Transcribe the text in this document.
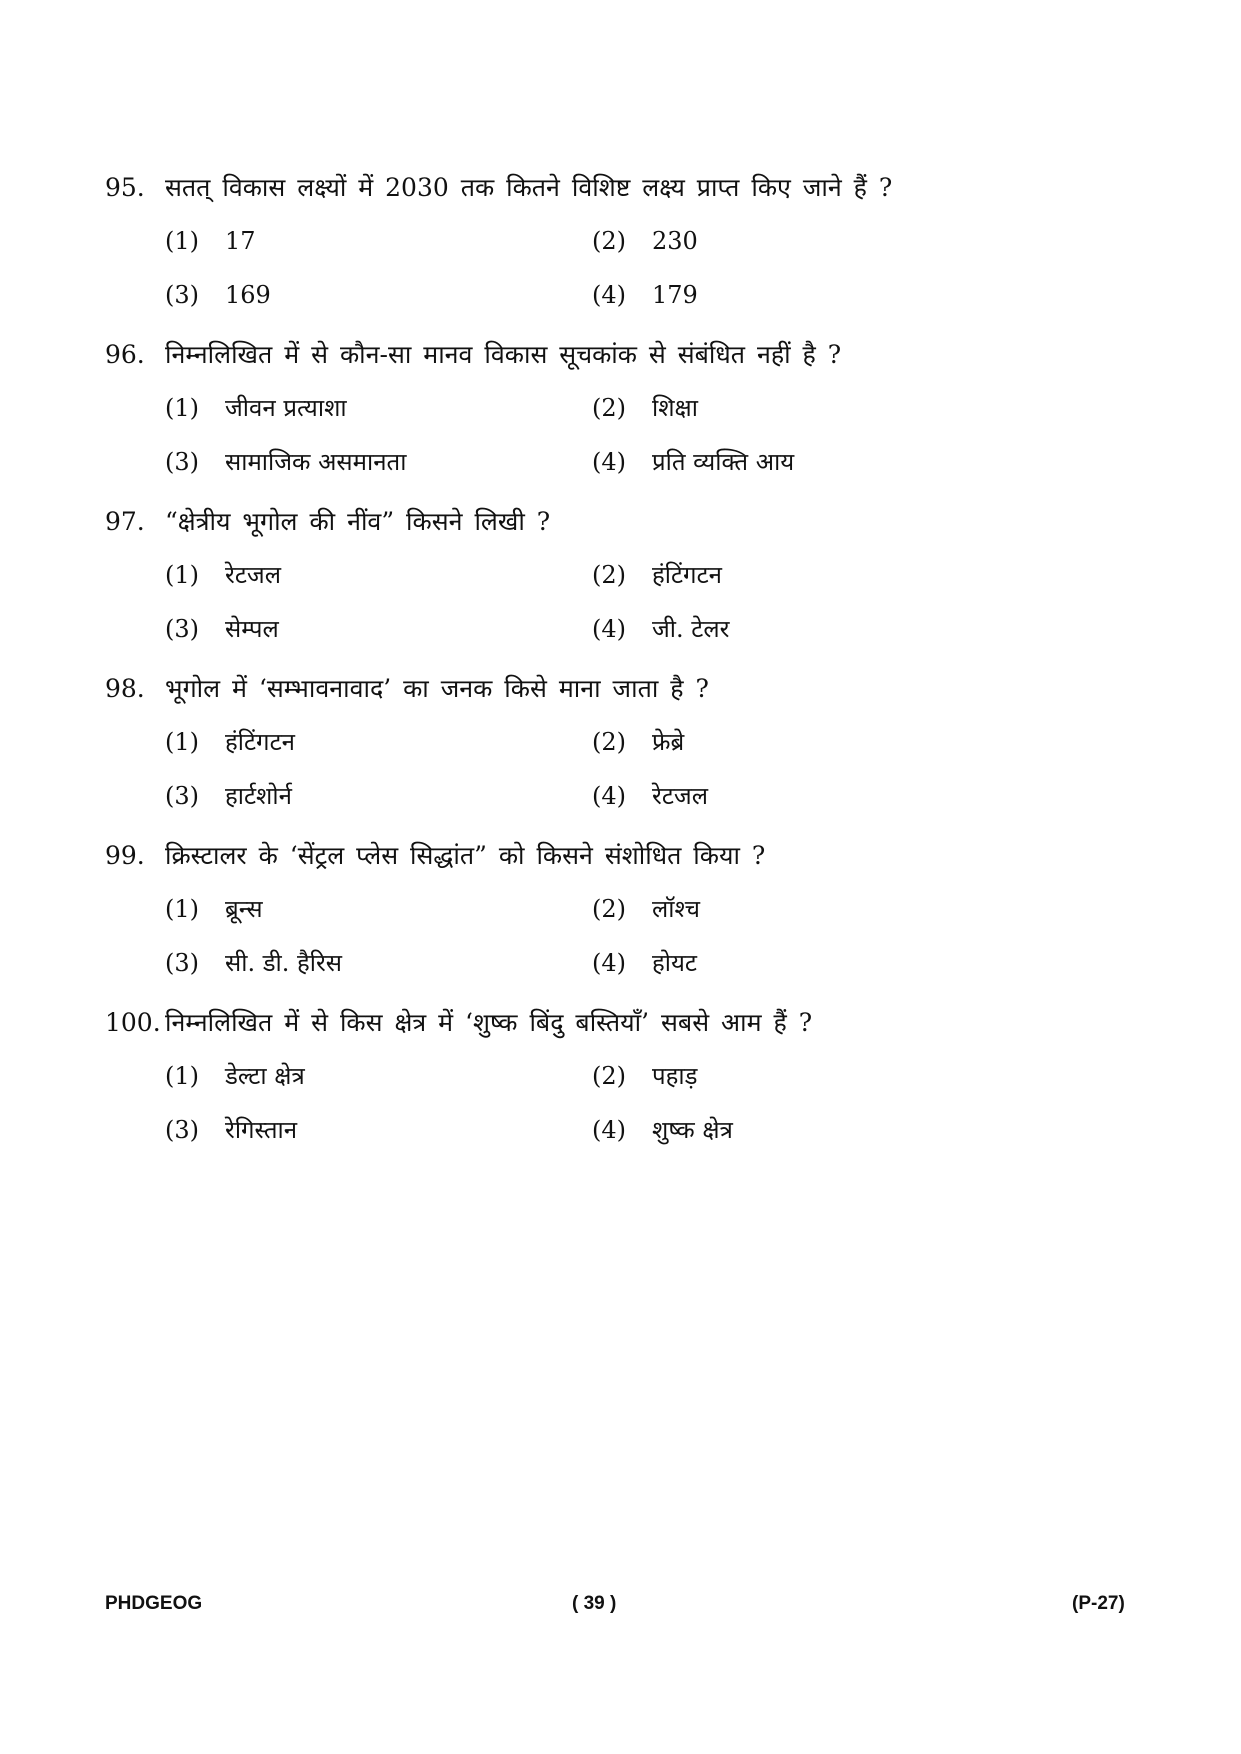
95. सतत् विकास लक्ष्यों में 2030 तक कितने विशिष्ट लक्ष्य प्राप्त किए जाने हैं ?
(1) 17	(2) 230
(3) 169	(4) 179
96. निम्नलिखित में से कौन-सा मानव विकास सूचकांक से संबंधित नहीं है ?
(1) जीवन प्रत्याशा	(2) शिक्षा
(3) सामाजिक असमानता	(4) प्रति व्यक्ति आय
97. “क्षेत्रीय भूगोल की नींव” किसने लिखी ?
(1) रेटजल	(2) हंटिंगटन
(3) सेम्पल	(4) जी. टेलर
98. भूगोल में ‘सम्भावनावाद’ का जनक किसे माना जाता है ?
(1) हंटिंगटन	(2) फ्रेब्रे
(3) हार्टशोर्न	(4) रेटजल
99. क्रिस्टालर के ‘सेंट्रल प्लेस सिद्धांत” को किसने संशोधित किया ?
(1) ब्रून्स	(2) लॉश्च
(3) सी. डी. हैरिस	(4) होयट
100. निम्नलिखित में से किस क्षेत्र में ‘शुष्क बिंदु बस्तियाँ’ सबसे आम हैं ?
(1) डेल्टा क्षेत्र	(2) पहाड़
(3) रेगिस्तान	(4) शुष्क क्षेत्र
PHDGEOG	( 39 )	(P-27)
